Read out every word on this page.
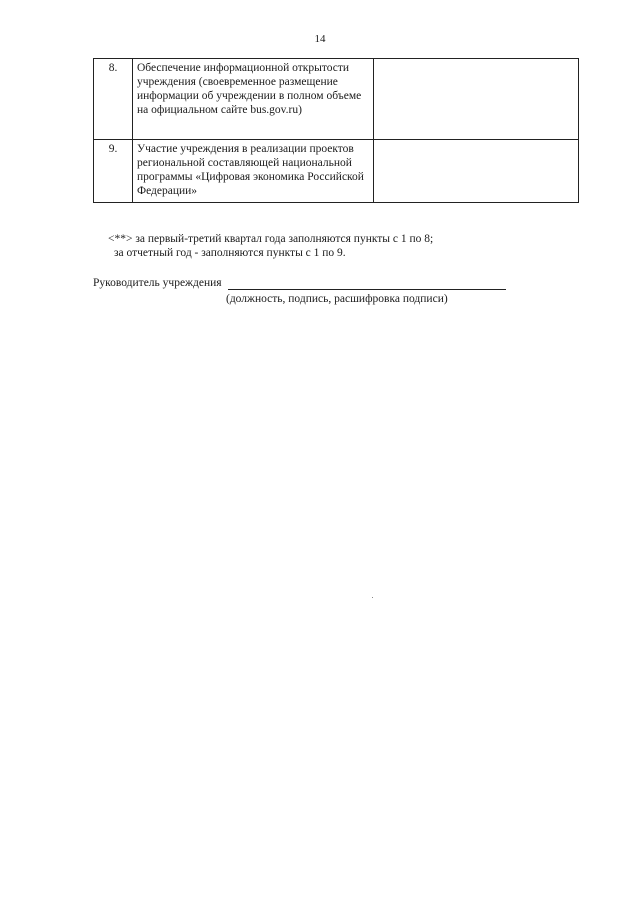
14
8.	Обеспечение информационной открытости учреждения (своевременное размещение информации об учреждении в полном объеме на официальном сайте bus.gov.ru)	
9.	Участие учреждения в реализации проектов региональной составляющей национальной программы «Цифровая экономика Российской Федерации»	
<**> за первый-третий квартал года заполняются пункты с 1 по 8;
за отчетный год - заполняются пункты с 1 по 9.
Руководитель учреждения
(должность, подпись, расшифровка подписи)
